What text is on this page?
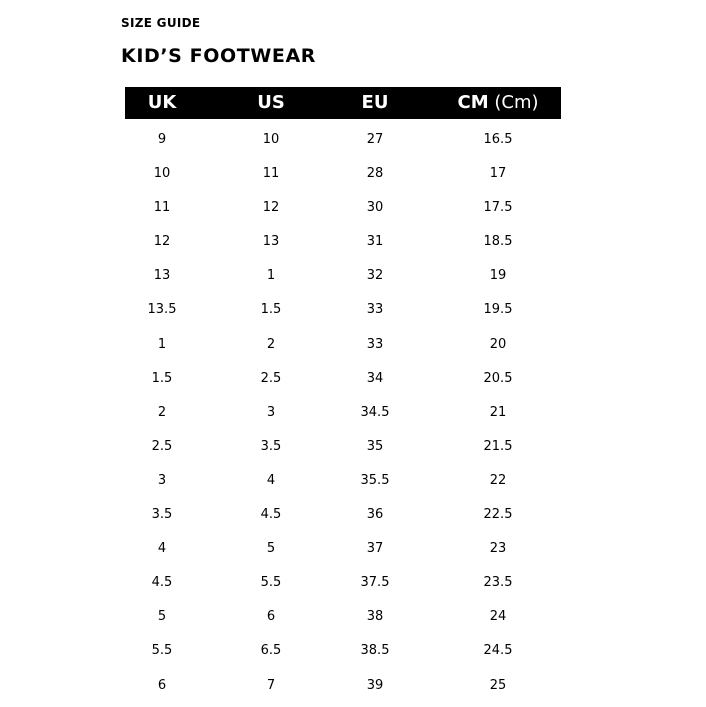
SIZE GUIDE
KID’S FOOTWEAR
UK	US	EU	CM (Cm)
9	10	27	16.5
10	11	28	17
11	12	30	17.5
12	13	31	18.5
13	1	32	19
13.5	1.5	33	19.5
1	2	33	20
1.5	2.5	34	20.5
2	3	34.5	21
2.5	3.5	35	21.5
3	4	35.5	22
3.5	4.5	36	22.5
4	5	37	23
4.5	5.5	37.5	23.5
5	6	38	24
5.5	6.5	38.5	24.5
6	7	39	25
